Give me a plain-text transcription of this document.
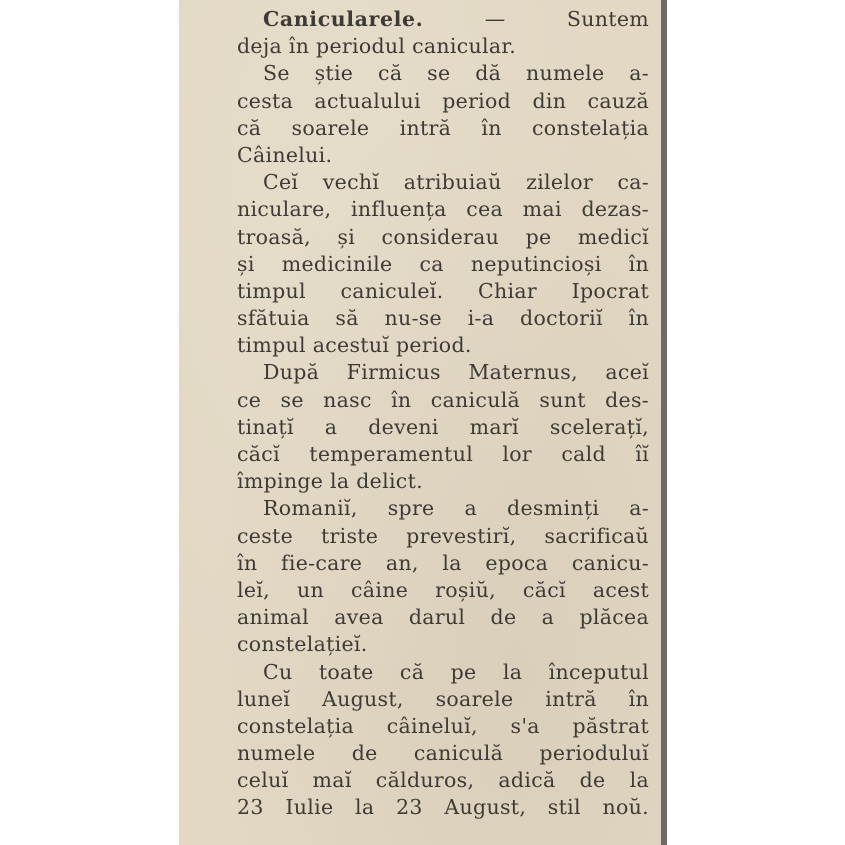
Canicularele.	— Suntem
deja în periodul canicular.
Se știe că se dă numele a-
cesta actualului period din cauză
că soarele intră în constelația
Câinelui.
Ceĭ vechĭ atribuiaŭ zilelor ca-
niculare, influența cea mai dezas-
troasă, și considerau pe medicĭ
și medicinile ca neputincioși în
timpul caniculeĭ. Chiar Ipocrat
sfătuia să nu-se i-a doctoriĭ în
timpul acestuĭ period.
După Firmicus Maternus, aceĭ
ce se nasc în caniculă sunt des-
tinațĭ a deveni marĭ scelerațĭ,
căcĭ temperamentul lor cald îĭ
împinge la delict.
Romaniĭ, spre a desminți a-
ceste triste prevestirĭ, sacrificaŭ
în fie-care an, la epoca canicu-
leĭ, un câine roșiŭ, căcĭ acest
animal avea darul de a plăcea
constelațieĭ.
Cu toate că pe la începutul
luneĭ August, soarele intră în
constelația câineluĭ, s'a păstrat
numele de caniculă perioduluĭ
celuĭ maĭ călduros, adică de la
23 Iulie la 23 August, stil noŭ.
